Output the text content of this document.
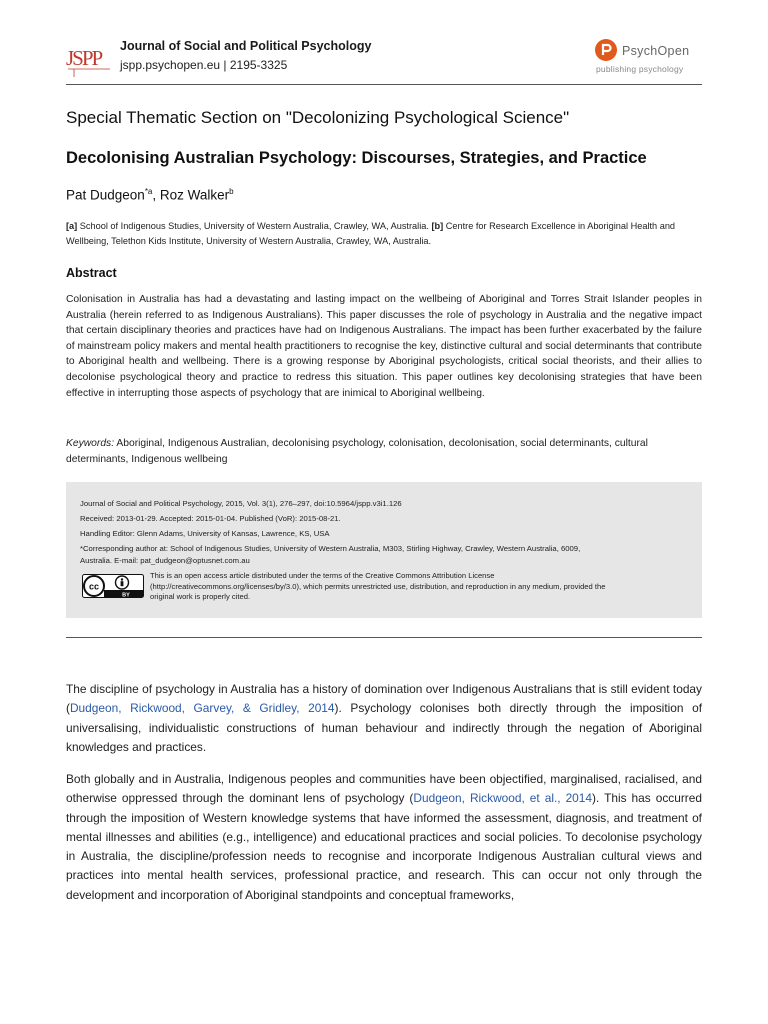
JSPP Journal of Social and Political Psychology
jspp.psychopen.eu | 2195-3325
PsychOpen
publishing psychology
Special Thematic Section on "Decolonizing Psychological Science"
Decolonising Australian Psychology: Discourses, Strategies, and Practice
Pat Dudgeon$^{*a}$, Roz Walker$^b$
[a] School of Indigenous Studies, University of Western Australia, Crawley, WA, Australia. [b] Centre for Research Excellence in Aboriginal Health and Wellbeing, Telethon Kids Institute, University of Western Australia, Crawley, WA, Australia.
Abstract
Colonisation in Australia has had a devastating and lasting impact on the wellbeing of Aboriginal and Torres Strait Islander peoples in Australia (herein referred to as Indigenous Australians). This paper discusses the role of psychology in Australia and the negative impact that certain disciplinary theories and practices have had on Indigenous Australians. The impact has been further exacerbated by the failure of mainstream policy makers and mental health practitioners to recognise the key, distinctive cultural and social determinants that contribute to Aboriginal health and wellbeing. There is a growing response by Aboriginal psychologists, critical social theorists, and their allies to decolonise psychological theory and practice to redress this situation. This paper outlines key decolonising strategies that have been effective in interrupting those aspects of psychology that are inimical to Aboriginal wellbeing.
Keywords: Aboriginal, Indigenous Australian, decolonising psychology, colonisation, decolonisation, social determinants, cultural determinants, Indigenous wellbeing
Journal of Social and Political Psychology, 2015, Vol. 3(1), 276–297, doi:10.5964/jspp.v3i1.126
Received: 2013-01-29. Accepted: 2015-01-04. Published (VoR): 2015-08-21.
Handling Editor: Glenn Adams, University of Kansas, Lawrence, KS, USA
*Corresponding author at: School of Indigenous Studies, University of Western Australia, M303, Stirling Highway, Crawley, Western Australia, 6009,
Australia. E-mail: pat_dudgeon@optusnet.com.au
cc
BY
This is an open access article distributed under the terms of the Creative Commons Attribution License
(http://creativecommons.org/licenses/by/3.0), which permits unrestricted use, distribution, and reproduction in any medium, provided the
original work is properly cited.
The discipline of psychology in Australia has a history of domination over Indigenous Australians that is still evident today (Dudgeon, Rickwood, Garvey, & Gridley, 2014). Psychology colonises both directly through the imposition of universalising, individualistic constructions of human behaviour and indirectly through the negation of Aboriginal knowledges and practices.
Both globally and in Australia, Indigenous peoples and communities have been objectified, marginalised, racialised, and otherwise oppressed through the dominant lens of psychology (Dudgeon, Rickwood, et al., 2014). This has occurred through the imposition of Western knowledge systems that have informed the assessment, diagnosis, and treatment of mental illnesses and abilities (e.g., intelligence) and educational practices and social policies. To decolonise psychology in Australia, the discipline/profession needs to recognise and incorporate Indigenous Australian cultural views and practices into mental health services, professional practice, and research. This can occur not only through the development and incorporation of Aboriginal standpoints and conceptual frameworks,
